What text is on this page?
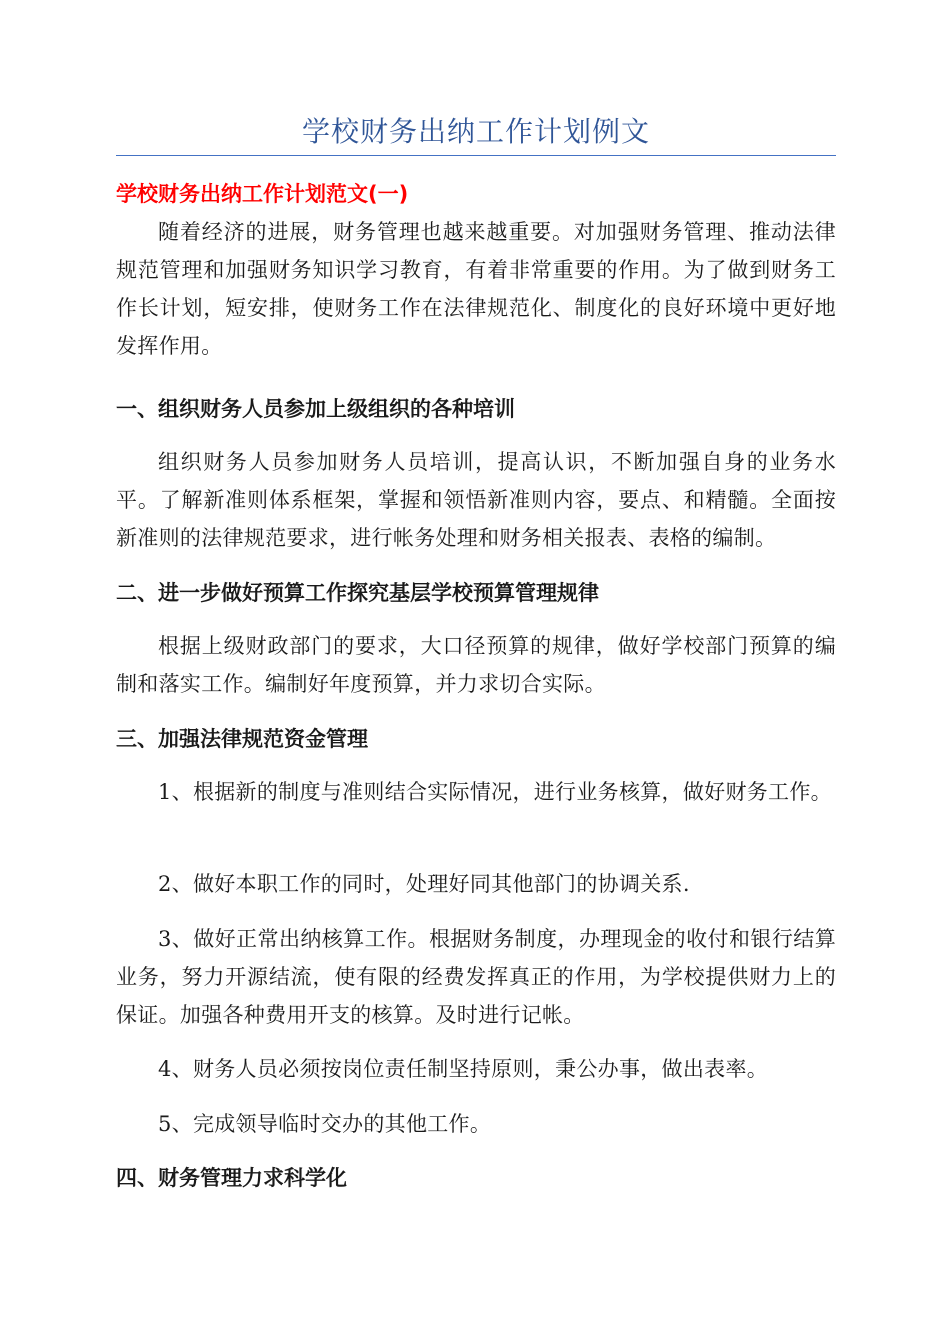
学校财务出纳工作计划例文
学校财务出纳工作计划范文(一)

随着经济的进展，财务管理也越来越重要。对加强财务管理、推动法律规范管理和加强财务知识学习教育，有着非常重要的作用。为了做到财务工作长计划，短安排，使财务工作在法律规范化、制度化的良好环境中更好地发挥作用。

一、组织财务人员参加上级组织的各种培训

组织财务人员参加财务人员培训，提高认识，不断加强自身的业务水平。了解新准则体系框架，掌握和领悟新准则内容，要点、和精髓。全面按新准则的法律规范要求，进行帐务处理和财务相关报表、表格的编制。

二、进一步做好预算工作探究基层学校预算管理规律

根据上级财政部门的要求，大口径预算的规律，做好学校部门预算的编制和落实工作。编制好年度预算，并力求切合实际。

三、加强法律规范资金管理

1、根据新的制度与准则结合实际情况，进行业务核算，做好财务工作。

2、做好本职工作的同时，处理好同其他部门的协调关系.

3、做好正常出纳核算工作。根据财务制度，办理现金的收付和银行结算业务，努力开源结流，使有限的经费发挥真正的作用，为学校提供财力上的保证。加强各种费用开支的核算。及时进行记帐。

4、财务人员必须按岗位责任制坚持原则，秉公办事，做出表率。

5、完成领导临时交办的其他工作。

四、财务管理力求科学化
